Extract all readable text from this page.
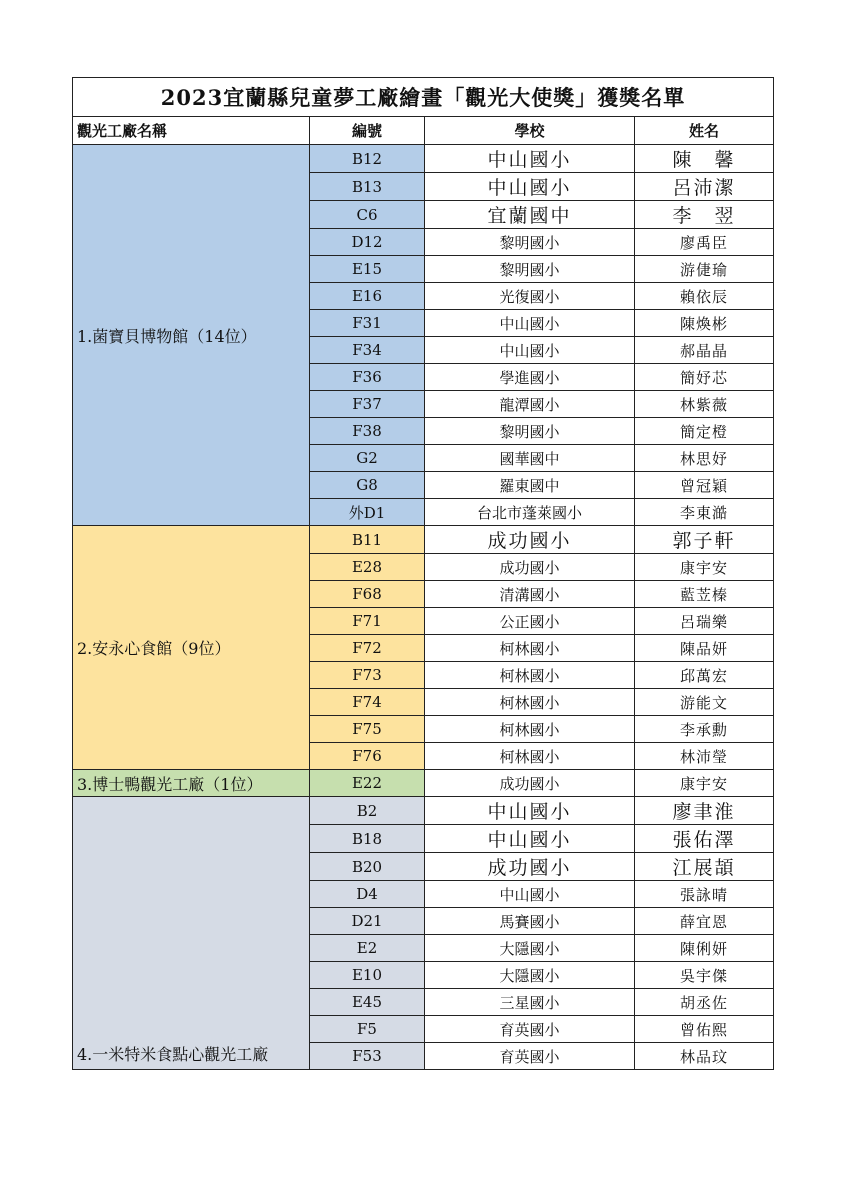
2023宜蘭縣兒童夢工廠繪畫「觀光大使獎」獲獎名單			
觀光工廠名稱	編號	學校	姓名

1.菌寶貝博物館（14位）	B12	中山國小	陳　馨
	B13	中山國小	呂沛潔
	C6	宜蘭國中	李　翌
	D12	黎明國小	廖禹臣
	E15	黎明國小	游倢瑜
	E16	光復國小	賴依辰
	F31	中山國小	陳煥彬
	F34	中山國小	郝晶晶
	F36	學進國小	簡妤芯
	F37	龍潭國小	林紫薇
	F38	黎明國小	簡定橙
	G2	國華國中	林思妤
	G8	羅東國中	曾冠穎
	外D1	台北市蓬萊國小	李東澔

2.安永心食館（9位）	B11	成功國小	郭子軒
	E28	成功國小	康宇安
	F68	清溝國小	藍苙榛
	F71	公正國小	呂瑞樂
	F72	柯林國小	陳品妍
	F73	柯林國小	邱萬宏
	F74	柯林國小	游能文
	F75	柯林國小	李承勳
	F76	柯林國小	林沛瑩

3.博士鴨觀光工廠（1位）	E22	成功國小	康宇安

4.一米特米食點心觀光工廠	B2	中山國小	廖聿淮
	B18	中山國小	張佑澤
	B20	成功國小	江展頡
	D4	中山國小	張詠晴
	D21	馬賽國小	薛宜恩
	E2	大隱國小	陳俐妍
	E10	大隱國小	吳宇傑
	E45	三星國小	胡丞佐
	F5	育英國小	曾佑熙
	F53	育英國小	林品玟
